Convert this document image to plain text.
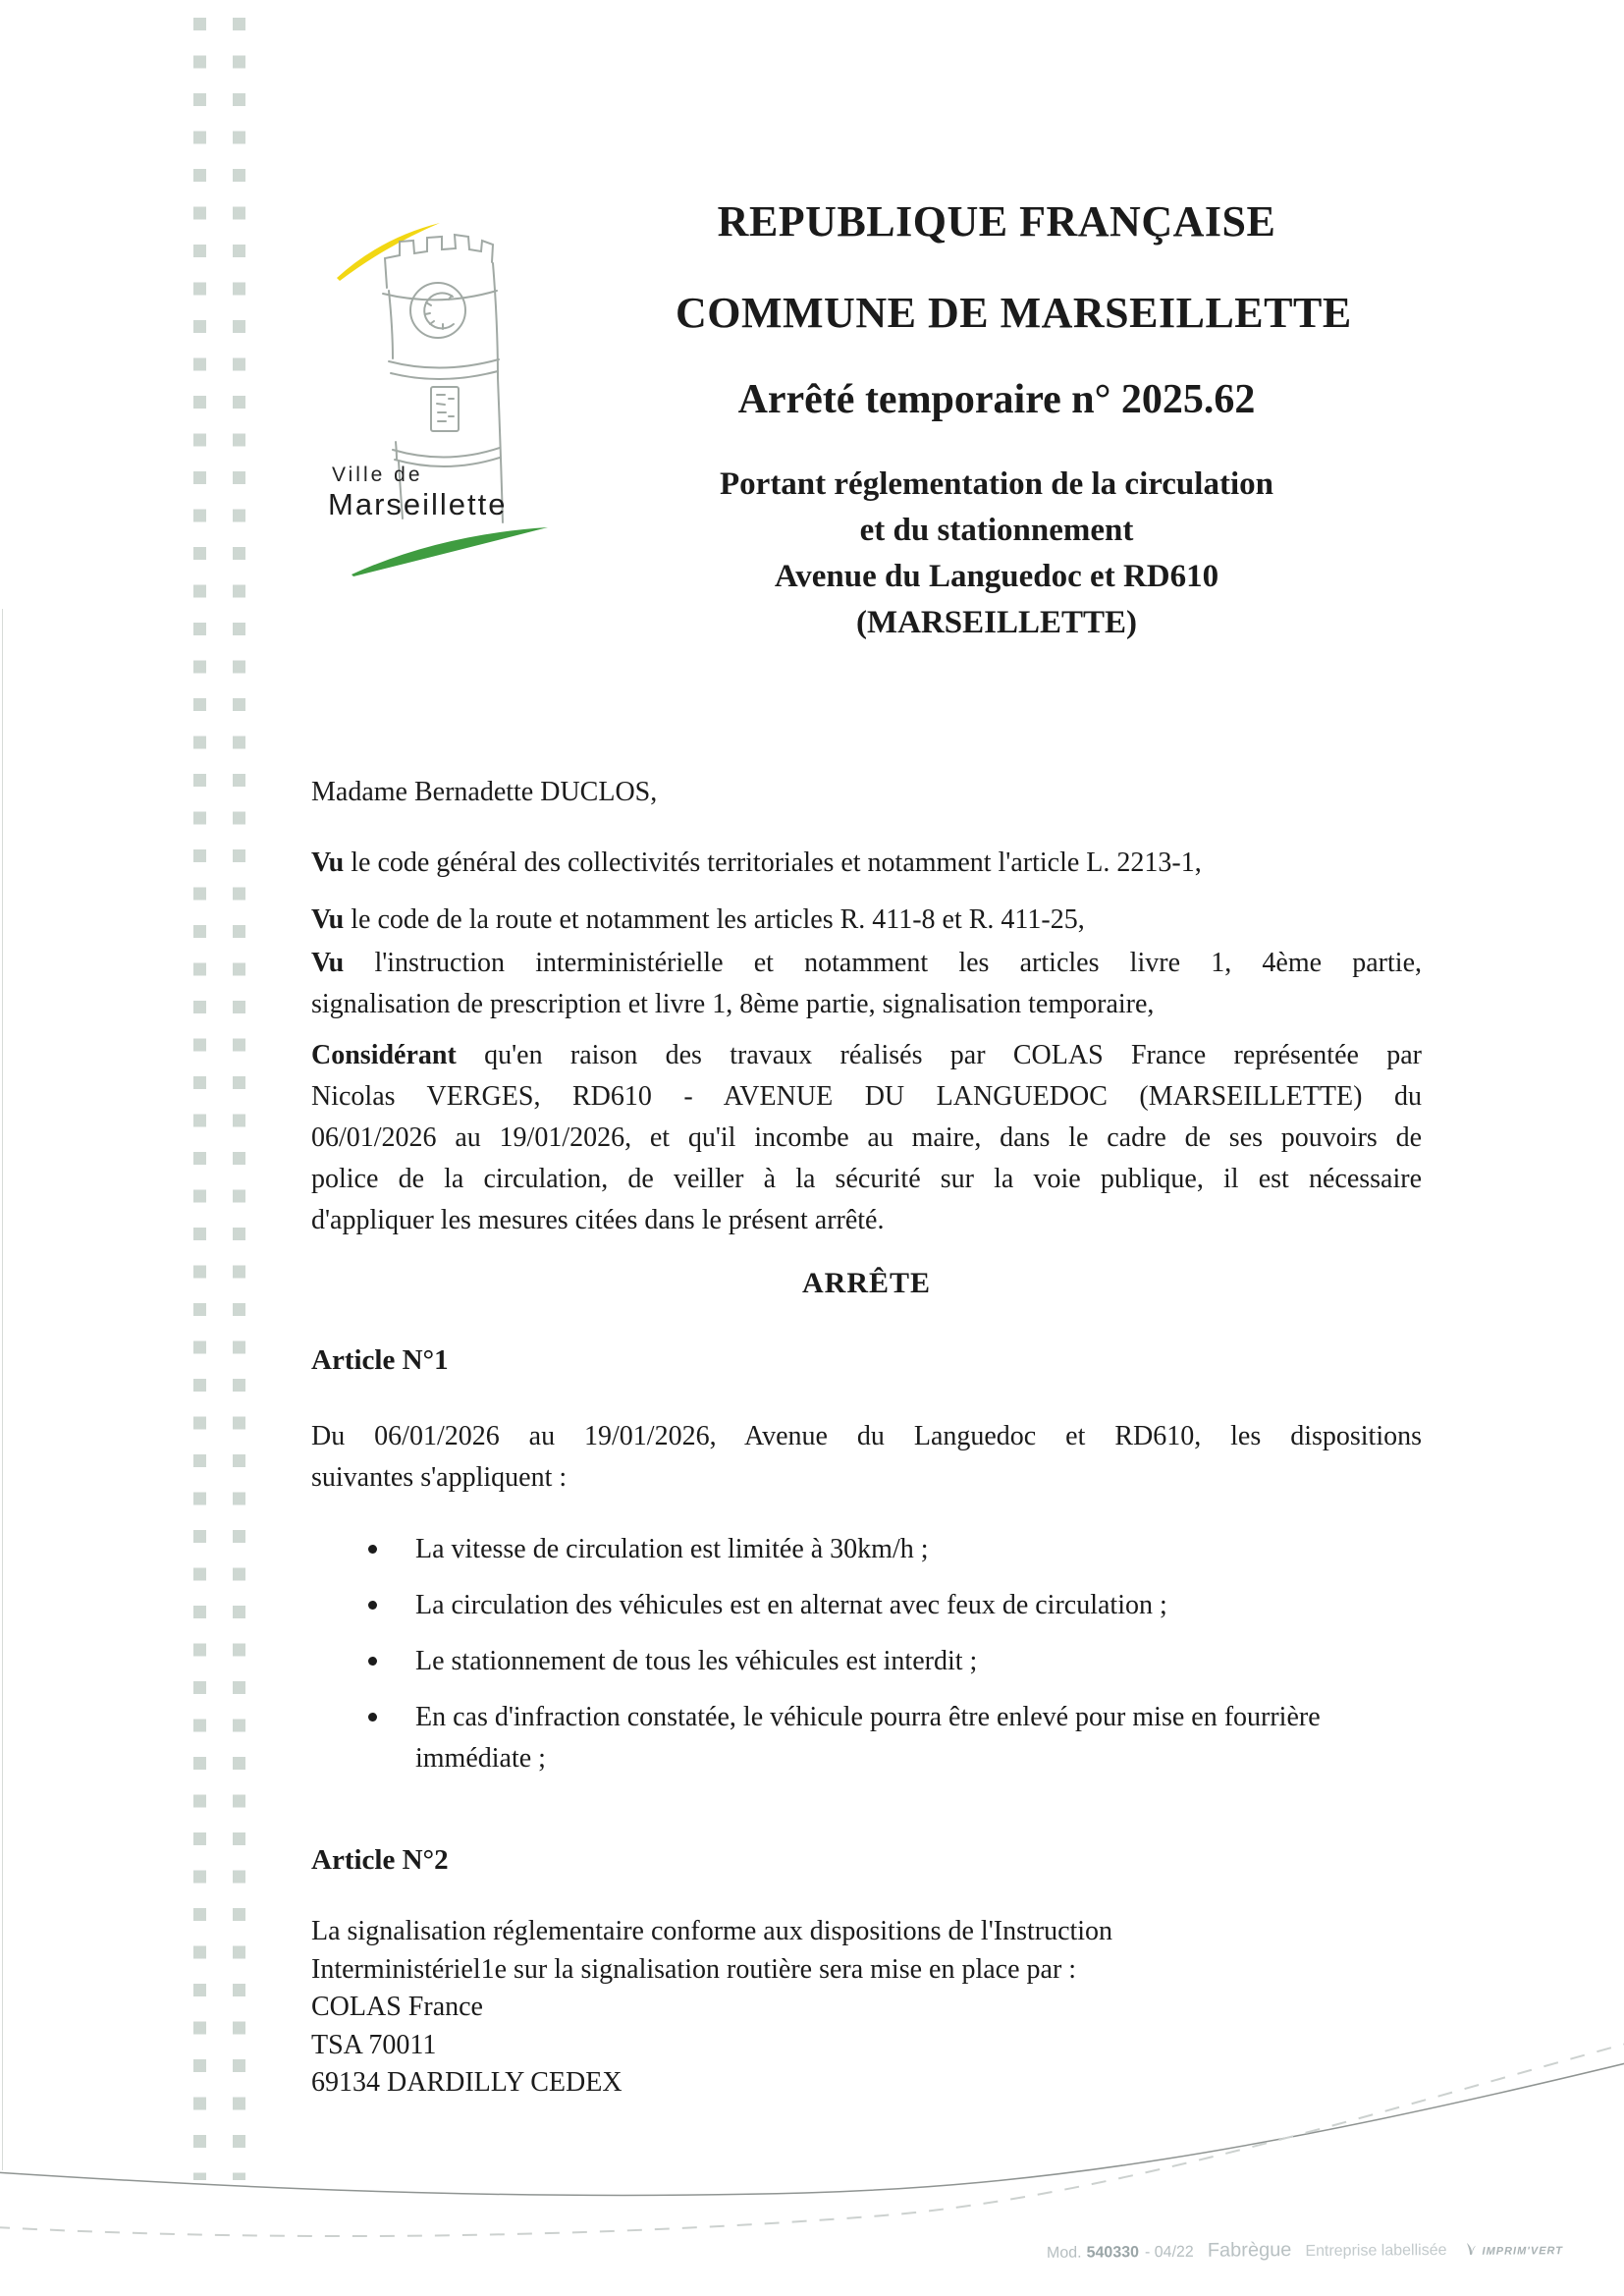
Ville de
Marseillette
REPUBLIQUE FRANÇAISE
COMMUNE DE MARSEILLETTE
Arrêté temporaire n° 2025.62
Portant réglementation de la circulation
et du stationnement
Avenue du Languedoc et RD610
(MARSEILLETTE)
Madame Bernadette DUCLOS,
Vu le code général des collectivités territoriales et notamment l'article L. 2213-1,
Vu le code de la route et notamment les articles R. 411-8 et R. 411-25,
Vu l'instruction interministérielle et notamment les articles livre 1, 4ème partie,
signalisation de prescription et livre 1, 8ème partie, signalisation temporaire,
Considérant qu'en raison des travaux réalisés par COLAS France représentée par
Nicolas VERGES, RD610 - AVENUE DU LANGUEDOC (MARSEILLETTE) du
06/01/2026 au 19/01/2026, et qu'il incombe au maire, dans le cadre de ses pouvoirs de
police de la circulation, de veiller à la sécurité sur la voie publique, il est nécessaire
d'appliquer les mesures citées dans le présent arrêté.
ARRÊTE
Article N°1
Du 06/01/2026 au 19/01/2026, Avenue du Languedoc et RD610, les dispositions
suivantes s'appliquent :
La vitesse de circulation est limitée à 30km/h ;
La circulation des véhicules est en alternat avec feux de circulation ;
Le stationnement de tous les véhicules est interdit ;
En cas d'infraction constatée, le véhicule pourra être enlevé pour mise en fourrière immédiate ;
Article N°2
La signalisation réglementaire conforme aux dispositions de l'Instruction
Interministériel1e sur la signalisation routière sera mise en place par :
COLAS France
TSA 70011
69134 DARDILLY CEDEX
Mod. 540330 - 04/22 Fabrègue Entreprise labellisée	IMPRIM'VERT
